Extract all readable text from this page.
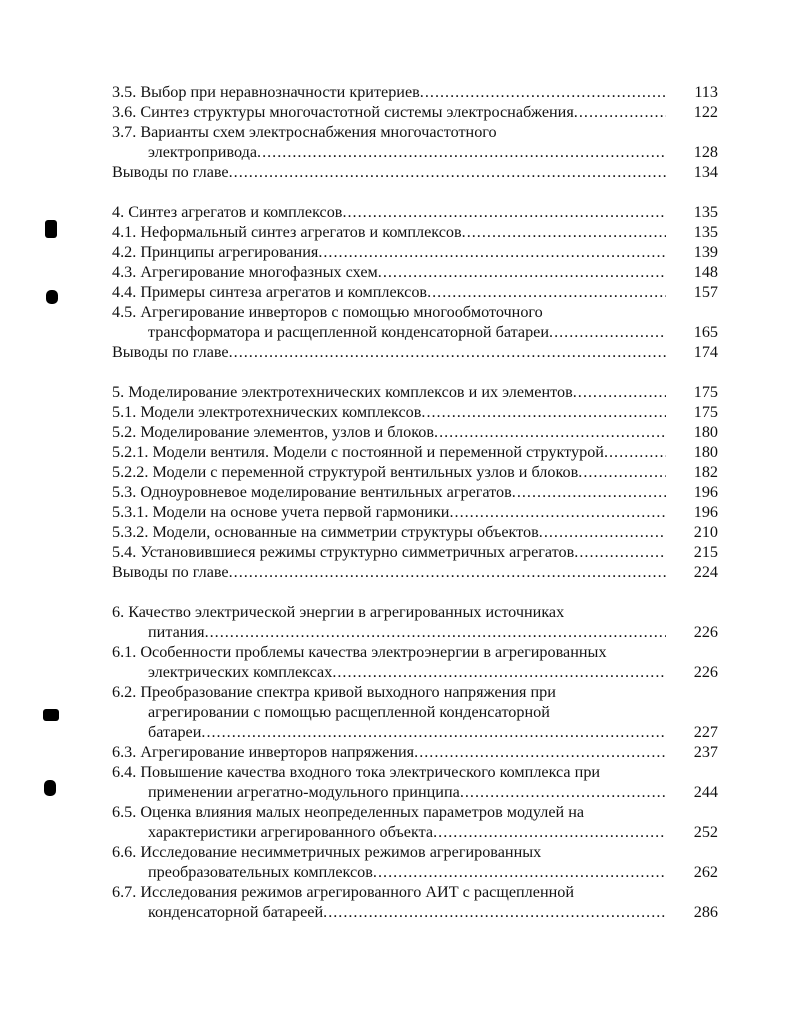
3.5. Выбор при неравнозначности критериев .....	113
3.6. Синтез структуры многочастотной системы электроснабжения .....	122
3.7. Варианты схем электроснабжения многочастотного
электропривода .....	128
Выводы по главе .....	134
4. Синтез агрегатов и комплексов .....	135
4.1. Неформальный синтез агрегатов и комплексов .....	135
4.2. Принципы агрегирования .....	139
4.3. Агрегирование многофазных схем .....	148
4.4. Примеры синтеза агрегатов и комплексов .....	157
4.5. Агрегирование инверторов с помощью многообмоточного
трансформатора и расщепленной конденсаторной батареи .....	165
Выводы по главе .....	174
5. Моделирование электротехнических комплексов и их элементов .....	175
5.1. Модели электротехнических комплексов .....	175
5.2. Моделирование элементов, узлов и блоков .....	180
5.2.1. Модели вентиля. Модели с постоянной и переменной структурой .....	180
5.2.2. Модели с переменной структурой вентильных узлов и блоков .....	182
5.3. Одноуровневое моделирование вентильных агрегатов .....	196
5.3.1. Модели на основе учета первой гармоники .....	196
5.3.2. Модели, основанные на симметрии структуры объектов .....	210
5.4. Установившиеся режимы структурно симметричных агрегатов .....	215
Выводы по главе .....	224
6. Качество электрической энергии в агрегированных источниках
питания .....	226
6.1. Особенности проблемы качества электроэнергии в агрегированных
электрических комплексах .....	226
6.2. Преобразование спектра кривой выходного напряжения при
агрегировании с помощью расщепленной конденсаторной
батареи .....	227
6.3. Агрегирование инверторов напряжения .....	237
6.4. Повышение качества входного тока электрического комплекса при
применении агрегатно-модульного принципа .....	244
6.5. Оценка влияния малых неопределенных параметров модулей на
характеристики агрегированного объекта .....	252
6.6. Исследование несимметричных режимов агрегированных
преобразовательных комплексов .....	262
6.7. Исследования режимов агрегированного АИТ с расщепленной
конденсаторной батареей .....	286
